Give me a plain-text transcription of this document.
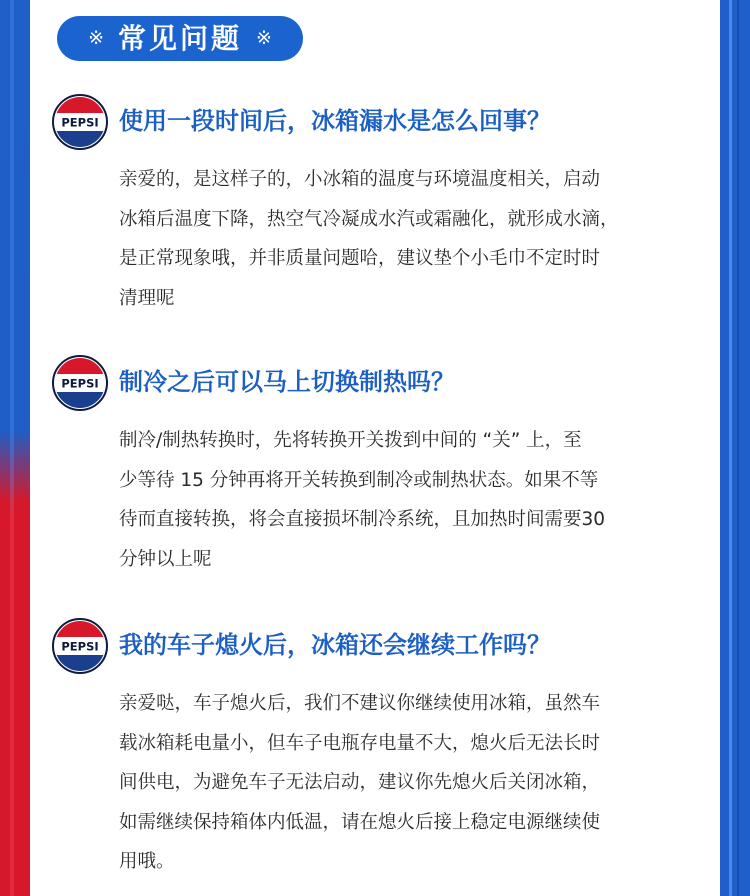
※ 常见问题 ※
PEPSI 使用一段时间后，冰箱漏水是怎么回事？
亲爱的，是这样子的，小冰箱的温度与环境温度相关，启动
冰箱后温度下降，热空气冷凝成水汽或霜融化，就形成水滴，
是正常现象哦，并非质量问题哈，建议垫个小毛巾不定时时
清理呢
PEPSI 制冷之后可以马上切换制热吗？
制冷/制热转换时，先将转换开关拨到中间的 “关” 上，至
少等待 15 分钟再将开关转换到制冷或制热状态。如果不等
待而直接转换，将会直接损坏制冷系统，且加热时间需要30
分钟以上呢
PEPSI 我的车子熄火后，冰箱还会继续工作吗？
亲爱哒，车子熄火后，我们不建议你继续使用冰箱，虽然车
载冰箱耗电量小，但车子电瓶存电量不大，熄火后无法长时
间供电，为避免车子无法启动，建议你先熄火后关闭冰箱，
如需继续保持箱体内低温，请在熄火后接上稳定电源继续使
用哦。
